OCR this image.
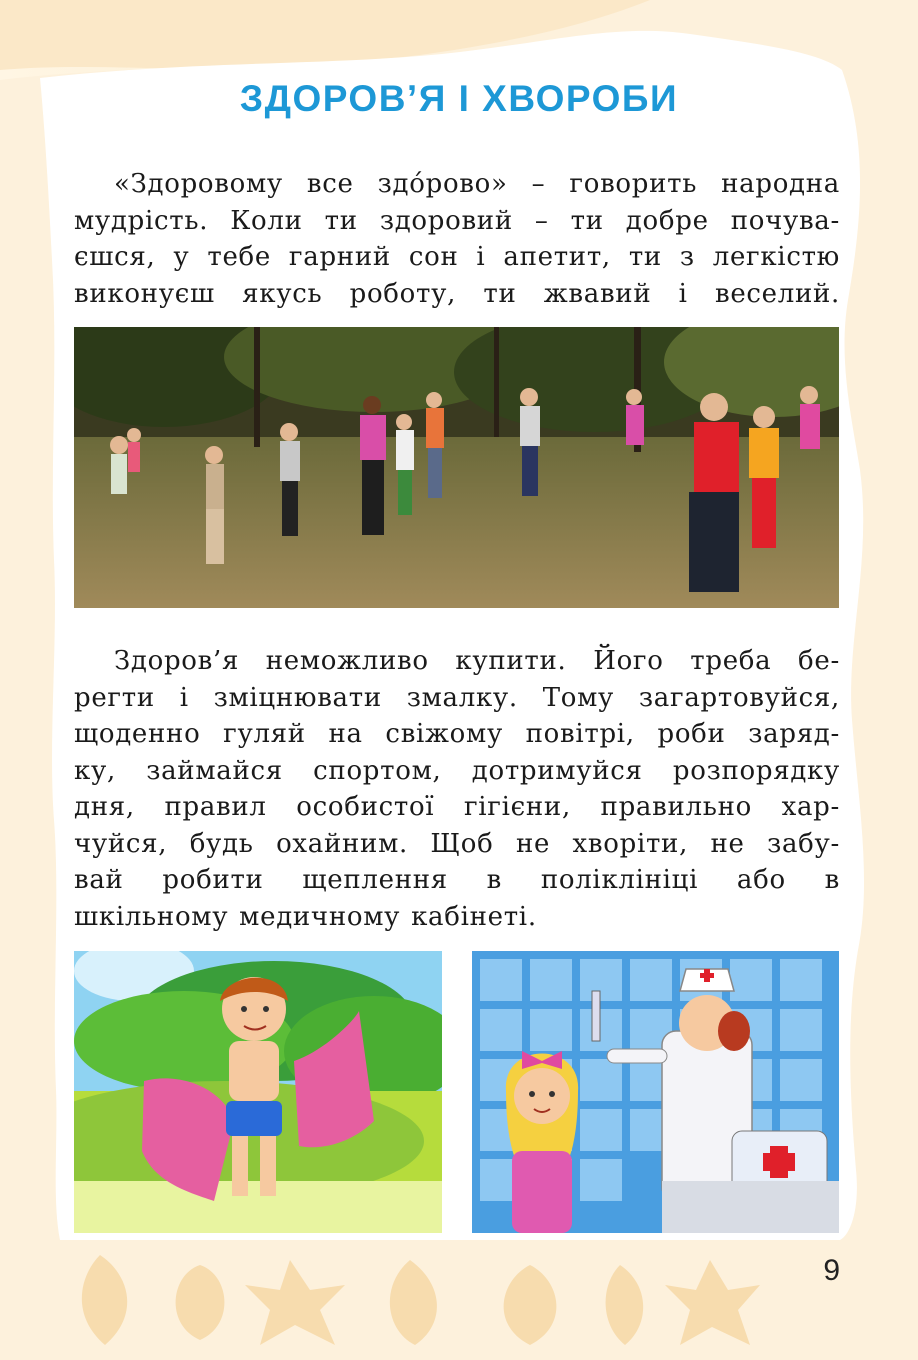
ЗДОРОВ’Я І ХВОРОБИ
«Здоровому все здо́рово» – говорить народна
мудрість. Коли ти здоровий – ти добре почува-
єшся, у тебе гарний сон і апетит, ти з легкістю
виконуєш якусь роботу, ти жвавий і веселий.
Здоров’я неможливо купити. Його треба бе-
регти і зміцнювати змалку. Тому загартовуйся,
щоденно гуляй на свіжому повітрі, роби заряд-
ку, займайся спортом, дотримуйся розпорядку
дня, правил особистої гігієни, правильно хар-
чуйся, будь охайним. Щоб не хворіти, не забу-
вай робити щеплення в поліклініці або в
шкільному медичному кабінеті.
9
